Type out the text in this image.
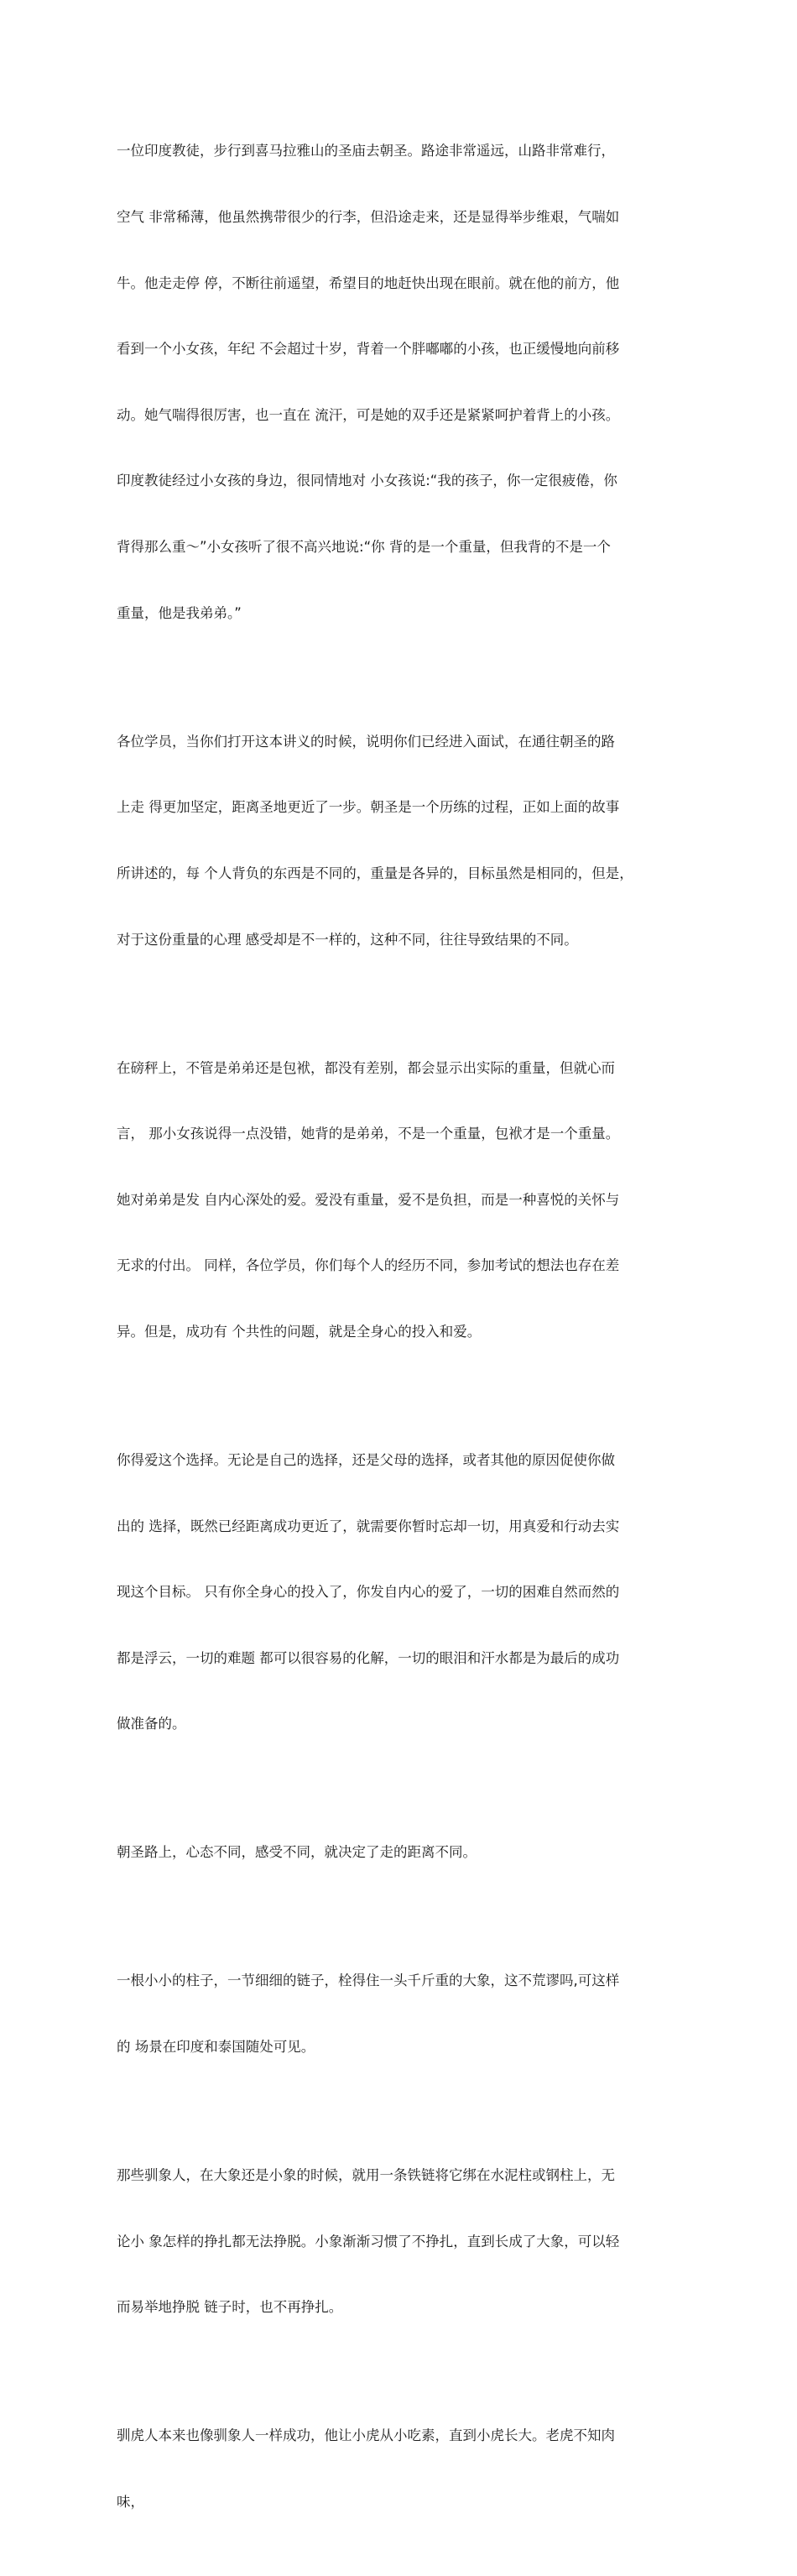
一位印度教徒，步行到喜马拉雅山的圣庙去朝圣。路途非常遥远，山路非常难行，

空气 非常稀薄，他虽然携带很少的行李，但沿途走来，还是显得举步维艰，气喘如

牛。他走走停 停，不断往前遥望，希望目的地赶快出现在眼前。就在他的前方，他

看到一个小女孩，年纪 不会超过十岁，背着一个胖嘟嘟的小孩，也正缓慢地向前移

动。她气喘得很厉害，也一直在 流汗，可是她的双手还是紧紧呵护着背上的小孩。

印度教徒经过小女孩的身边，很同情地对 小女孩说:“我的孩子，你一定很疲倦，你

背得那么重～”小女孩听了很不高兴地说:“你 背的是一个重量，但我背的不是一个

重量，他是我弟弟。”

各位学员，当你们打开这本讲义的时候，说明你们已经进入面试，在通往朝圣的路

上走 得更加坚定，距离圣地更近了一步。朝圣是一个历练的过程，正如上面的故事

所讲述的，每 个人背负的东西是不同的，重量是各异的，目标虽然是相同的，但是，

对于这份重量的心理 感受却是不一样的，这种不同，往往导致结果的不同。

在磅秤上，不管是弟弟还是包袱，都没有差别，都会显示出实际的重量，但就心而

言， 那小女孩说得一点没错，她背的是弟弟，不是一个重量，包袱才是一个重量。

她对弟弟是发 自内心深处的爱。爱没有重量，爱不是负担，而是一种喜悦的关怀与

无求的付出。 同样，各位学员，你们每个人的经历不同，参加考试的想法也存在差

异。但是，成功有 个共性的问题，就是全身心的投入和爱。

你得爱这个选择。无论是自己的选择，还是父母的选择，或者其他的原因促使你做

出的 选择，既然已经距离成功更近了，就需要你暂时忘却一切，用真爱和行动去实

现这个目标。 只有你全身心的投入了，你发自内心的爱了，一切的困难自然而然的

都是浮云，一切的难题 都可以很容易的化解，一切的眼泪和汗水都是为最后的成功

做准备的。

朝圣路上，心态不同，感受不同，就决定了走的距离不同。

一根小小的柱子，一节细细的链子，栓得住一头千斤重的大象，这不荒谬吗,可这样

的 场景在印度和泰国随处可见。

那些驯象人，在大象还是小象的时候，就用一条铁链将它绑在水泥柱或钢柱上，无

论小 象怎样的挣扎都无法挣脱。小象渐渐习惯了不挣扎，直到长成了大象，可以轻

而易举地挣脱 链子时，也不再挣扎。

驯虎人本来也像驯象人一样成功，他让小虎从小吃素，直到小虎长大。老虎不知肉

味，
